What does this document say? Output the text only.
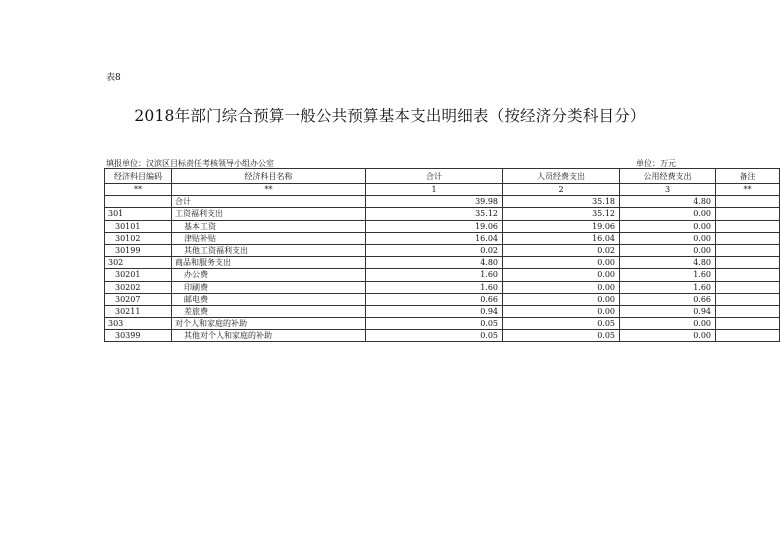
表8
2018年部门综合预算一般公共预算基本支出明细表（按经济分类科目分）
填报单位：汉滨区目标责任考核领导小组办公室	单位：万元
经济科目编码	经济科目名称	合计	人员经费支出	公用经费支出	备注
**	**	1	2	3	**
	合计	39.98	35.18	4.80	
301	工资福利支出	35.12	35.12	0.00	
30101	基本工资	19.06	19.06	0.00	
30102	津贴补贴	16.04	16.04	0.00	
30199	其他工资福利支出	0.02	0.02	0.00	
302	商品和服务支出	4.80	0.00	4.80	
30201	办公费	1.60	0.00	1.60	
30202	印刷费	1.60	0.00	1.60	
30207	邮电费	0.66	0.00	0.66	
30211	差旅费	0.94	0.00	0.94	
303	对个人和家庭的补助	0.05	0.05	0.00	
30399	其他对个人和家庭的补助	0.05	0.05	0.00	
